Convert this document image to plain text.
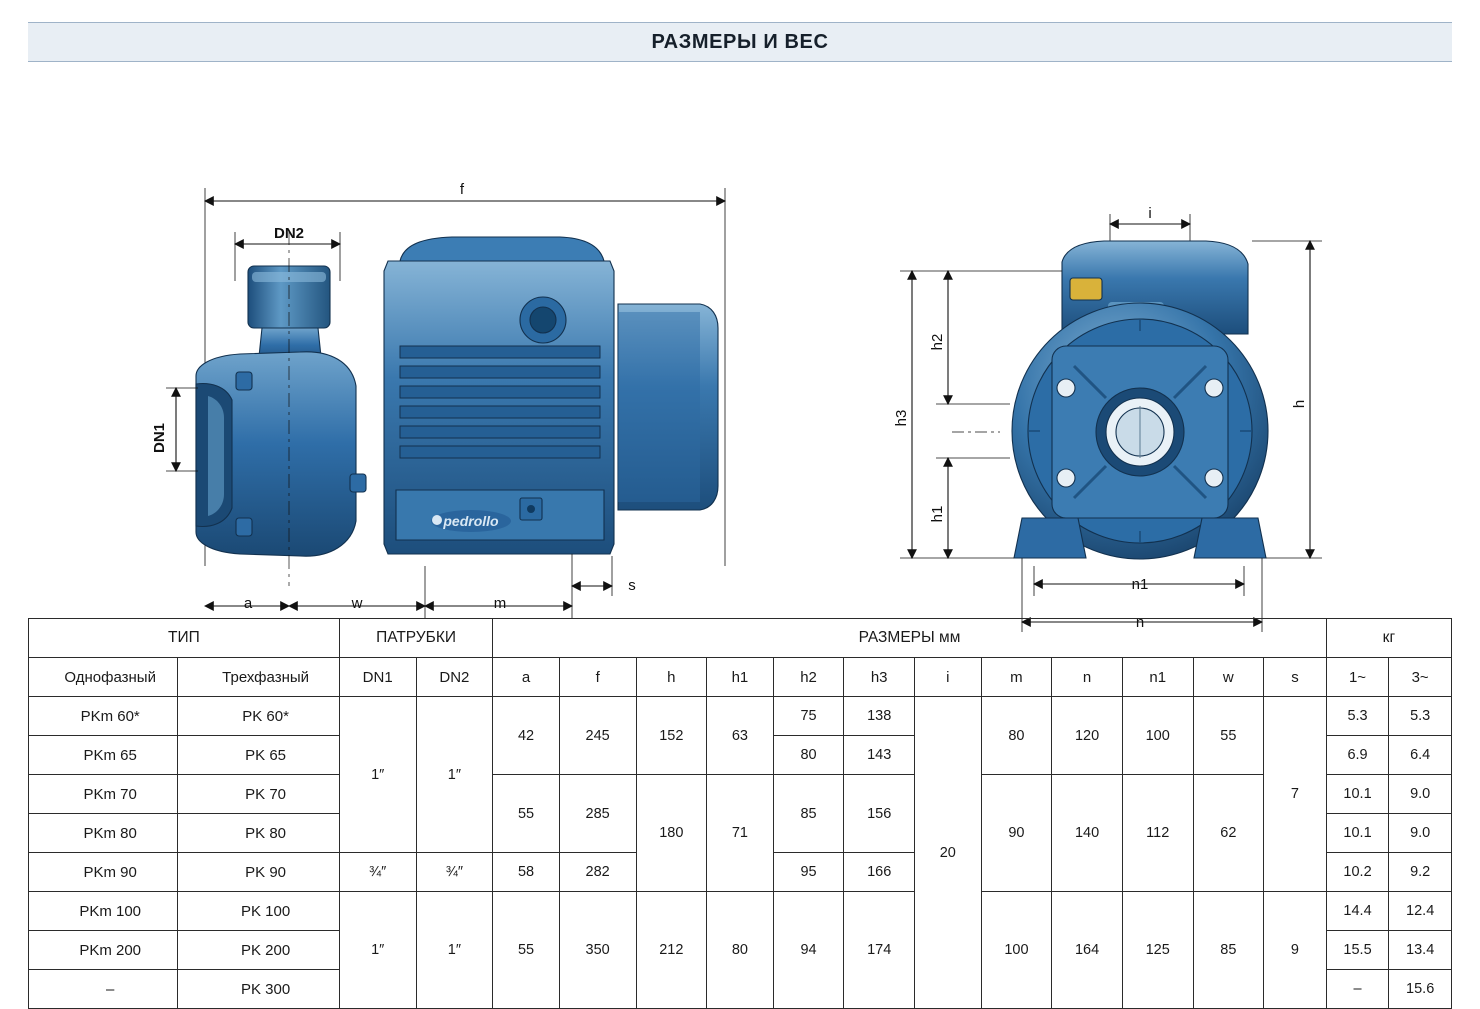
РАЗМЕРЫ И ВЕС
pedrollo
f
DN2
a	w	m
s
i
n1
n
DN1
h2
h3
h1
h
ТИП		ПАТРУБКИ		РАЗМЕРЫ мм												кг	
Однофазный	Трехфазный	DN1	DN2	a	f	h	h1	h2	h3	i	m	n	n1	w	s	1~	3~
PKm 60*	PK 60*	1″	1″	42	245	152	63	75	138	20	80	120	100	55	7	5.3	5.3
PKm 65	PK 65							80	143							6.9	6.4
PKm 70	PK 70			55	285	180	71	85	156		90	140	112	62		10.1	9.0
PKm 80	PK 80															10.1	9.0
PKm 90	PK 90	¾″	¾″	58	282			95	166							10.2	9.2
PKm 100	PK 100	1″	1″	55	350	212	80	94	174		100	164	125	85	9	14.4	12.4
PKm 200	PK 200															15.5	13.4
–	PK 300															–	15.6
